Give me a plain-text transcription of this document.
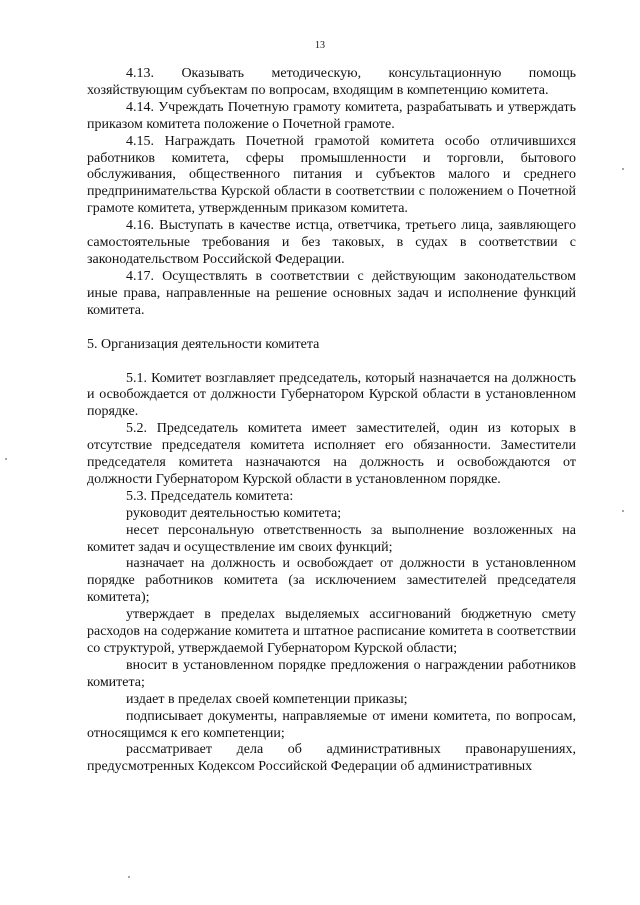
13

4.13. Оказывать методическую, консультационную помощь хозяйствующим субъектам по вопросам, входящим в компетенцию комитета.

4.14. Учреждать Почетную грамоту комитета, разрабатывать и утверждать приказом комитета положение о Почетной грамоте.

4.15. Награждать Почетной грамотой комитета особо отличившихся работников комитета, сферы промышленности и торговли, бытового обслуживания, общественного питания и субъектов малого и среднего предпринимательства Курской области в соответствии с положением о Почетной грамоте комитета, утвержденным приказом комитета.

4.16. Выступать в качестве истца, ответчика, третьего лица, заявляющего самостоятельные требования и без таковых, в судах в соответствии с законодательством Российской Федерации.

4.17. Осуществлять в соответствии с действующим законодательством иные права, направленные на решение основных задач и исполнение функций комитета.

5. Организация деятельности комитета

5.1. Комитет возглавляет председатель, который назначается на должность и освобождается от должности Губернатором Курской области в установленном порядке.

5.2. Председатель комитета имеет заместителей, один из которых в отсутствие председателя комитета исполняет его обязанности. Заместители председателя комитета назначаются на должность и освобождаются от должности Губернатором Курской области в установленном порядке.

5.3. Председатель комитета:

руководит деятельностью комитета;

несет персональную ответственность за выполнение возложенных на комитет задач и осуществление им своих функций;

назначает на должность и освобождает от должности в установленном порядке работников комитета (за исключением заместителей председателя комитета);

утверждает в пределах выделяемых ассигнований бюджетную смету расходов на содержание комитета и штатное расписание комитета в соответствии со структурой, утверждаемой Губернатором Курской области;

вносит в установленном порядке предложения о награждении работников комитета;

издает в пределах своей компетенции приказы;

подписывает документы, направляемые от имени комитета, по вопросам, относящимся к его компетенции;

рассматривает дела об административных правонарушениях, предусмотренных Кодексом Российской Федерации об административных
